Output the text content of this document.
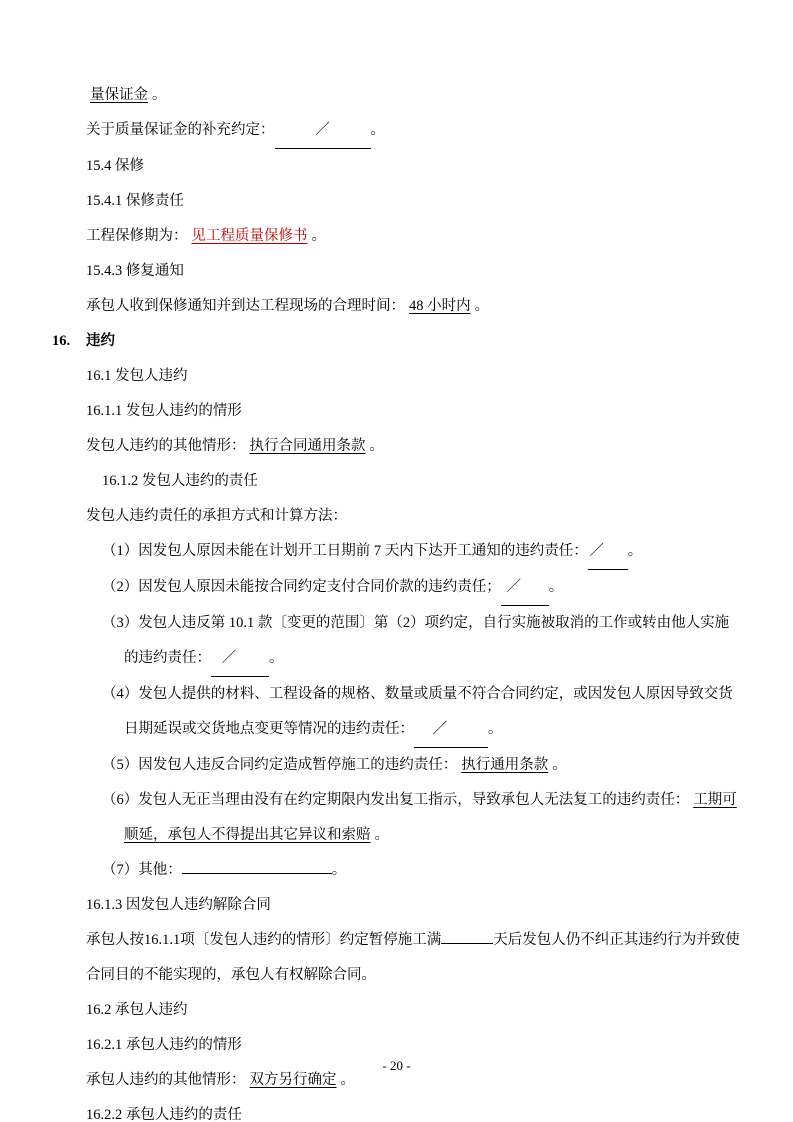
量保证金 。
关于质量保证金的补充约定：	／	。
15.4 保修
15.4.1 保修责任
工程保修期为： 见工程质量保修书 。
15.4.3 修复通知
承包人收到保修通知并到达工程现场的合理时间： 48 小时内 。
16. 违约
16.1 发包人违约
16.1.1 发包人违约的情形
发包人违约的其他情形： 执行合同通用条款 。
16.1.2 发包人违约的责任
发包人违约责任的承担方式和计算方法：
（1）因发包人原因未能在计划开工日期前 7 天内下达开工通知的违约责任： ／ 。
（2）因发包人原因未能按合同约定支付合同价款的违约责任； ／ 。
（3）发包人违反第 10.1 款〔变更的范围〕第（2）项约定，自行实施被取消的工作或转由他人实施的违约责任： ／ 。
（4）发包人提供的材料、工程设备的规格、数量或质量不符合合同约定，或因发包人原因导致交货日期延误或交货地点变更等情况的违约责任： ／	。
（5）因发包人违反合同约定造成暂停施工的违约责任： 执行通用条款 。
（6）发包人无正当理由没有在约定期限内发出复工指示，导致承包人无法复工的违约责任： 工期可顺延，承包人不得提出其它异议和索赔 。
（7）其他：	。
16.1.3 因发包人违约解除合同
承包人按16.1.1项〔发包人违约的情形〕约定暂停施工满	天后发包人仍不纠正其违约行为并致使合同目的不能实现的，承包人有权解除合同。
16.2 承包人违约
16.2.1 承包人违约的情形
承包人违约的其他情形： 双方另行确定 。
16.2.2 承包人违约的责任
- 20 -
